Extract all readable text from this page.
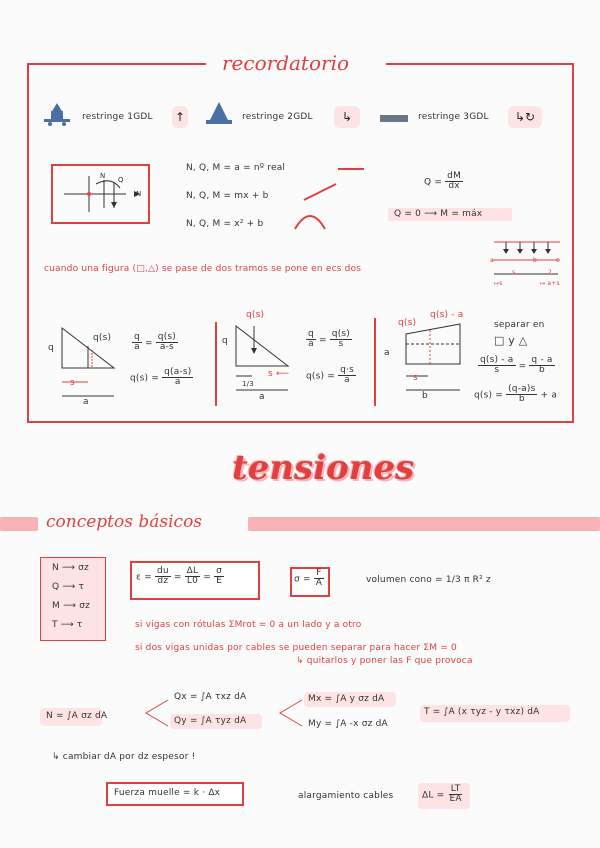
recordatorio
restringe 1GDL ↑	restringe 2GDL	↳	restringe 3GDL	↳↻
N Q
N
N, Q, M = a = nº real
N, Q, M = mx + b
N, Q, M = x² + b
$Q = \frac{dM}{dx}$
Q = 0 ⟶ M = máx
cuando una figura (□,△) se pase de dos tramos se pone en ecs dos
a	b	c
s	2
↦s	↦ a+s
q
q(s)
s
a
$\frac{q}{a} = \frac{q(s)}{a-s}$
$q(s) = \frac{q(a-s)}{a}$
q
q(s)
s ⟵
1/3
a
$\frac{q}{a} = \frac{q(s)}{s}$
$q(s) = \frac{q\cdot s}{a}$
q(s)
q(s) - a
a
s
b
separar en
□ y △
$\frac{q(s) - a}{s} = \frac{q - a}{b}$
$q(s) = \frac{(q-a)s}{b} + a$
tensiones
conceptos básicos
N ⟶ σz
Q ⟶ τ
M ⟶ σz
T ⟶ τ
$\varepsilon = \frac{du}{dz} = \frac{\Delta L}{L0} = \frac{\sigma}{E}$	$\sigma = \frac{F}{A}$	volumen cono = 1/3 π R² z
si vigas con rótulas ΣMrot = 0 a un lado y a otro
si dos vigas unidas por cables se pueden separar para hacer ΣM = 0
↳ quitarlos y poner las F que provoca
N = ∫A σz dA
Qx = ∫A τxz dA
Qy = ∫A τyz dA
Mx = ∫A y σz dA
My = ∫A -x σz dA
T = ∫A (x τyz - y τxz) dA
↳ cambiar dA por dz espesor !
Fuerza muelle = k · Δx	alargamiento cables	$\Delta L = \frac{LT}{EA}$
